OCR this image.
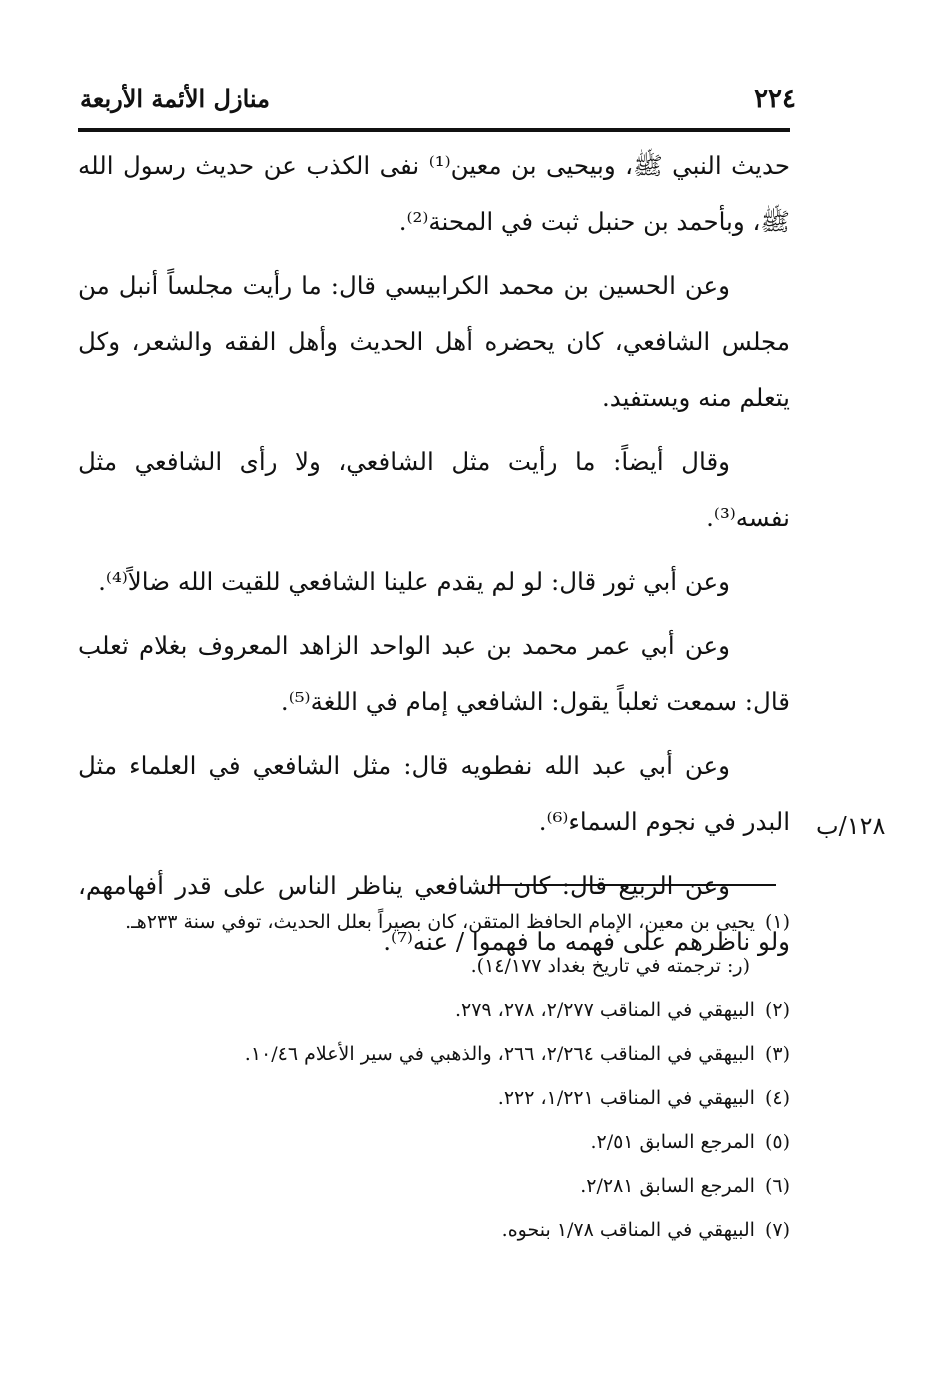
٢٢٤
منازل الأئمة الأربعة

حديث النبي ﷺ، وبيحيى بن معين⁽¹⁾ نفى الكذب عن حديث رسول الله ﷺ، وبأحمد بن حنبل ثبت في المحنة⁽²⁾.

وعن الحسين بن محمد الكرابيسي قال: ما رأيت مجلساً أنبل من مجلس الشافعي، كان يحضره أهل الحديث وأهل الفقه والشعر، وكل يتعلم منه ويستفيد.

وقال أيضاً: ما رأيت مثل الشافعي، ولا رأى الشافعي مثل نفسه⁽³⁾.

وعن أبي ثور قال: لو لم يقدم علينا الشافعي للقيت الله ضالاً⁽⁴⁾.

وعن أبي عمر محمد بن عبد الواحد الزاهد المعروف بغلام ثعلب قال: سمعت ثعلباً يقول: الشافعي إمام في اللغة⁽⁵⁾.

وعن أبي عبد الله نفطويه قال: مثل الشافعي في العلماء مثل البدر في نجوم السماء⁽⁶⁾.

وعن الربيع قال: كان الشافعي يناظر الناس على قدر أفهامهم، ولو ناظرهم على فهمه ما فهموا / عنه⁽⁷⁾.

١٢٨/ب
(١)يحيى بن معين، الإمام الحافظ المتقن، كان بصيراً بعلل الحديث، توفي سنة ٢٣٣هـ.
(ر: ترجمته في تاريخ بغداد ١٤/١٧٧).
(٢)البيهقي في المناقب ٢/٢٧٧، ٢٧٨، ٢٧٩.
(٣)البيهقي في المناقب ٢/٢٦٤، ٢٦٦، والذهبي في سير الأعلام ١٠/٤٦.
(٤)البيهقي في المناقب ١/٢٢١، ٢٢٢.
(٥)المرجع السابق ٢/٥١.
(٦)المرجع السابق ٢/٢٨١.
(٧)البيهقي في المناقب ١/٧٨ بنحوه.
